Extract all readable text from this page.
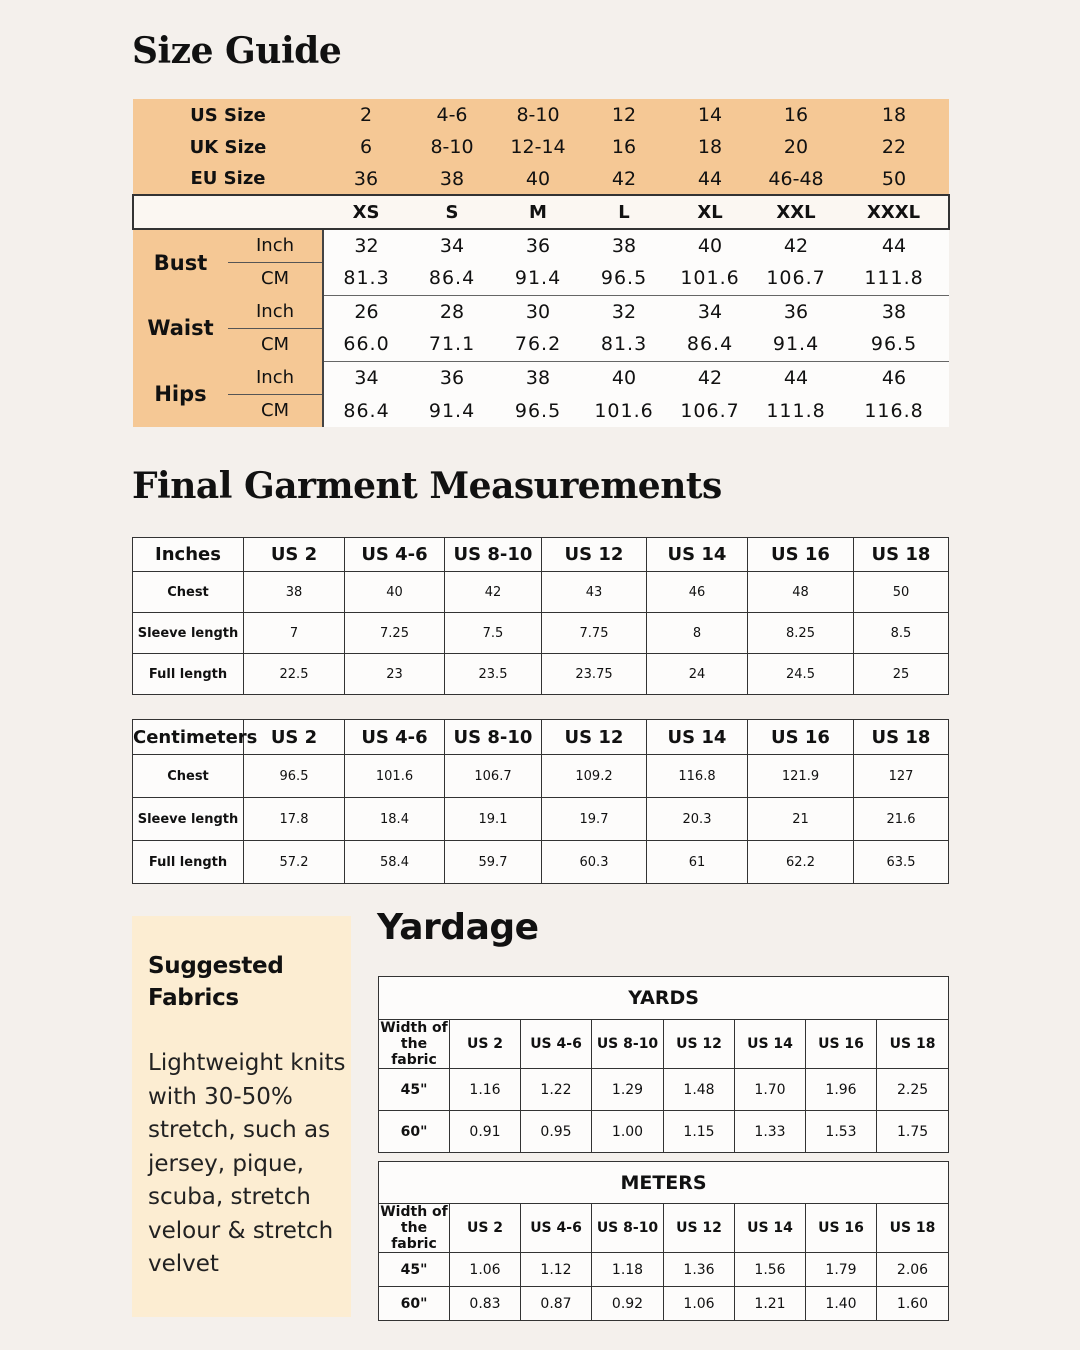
Size Guide
US Size		2	4-6	8-10	12	14	16	18
UK Size		6	8-10	12-14	16	18	20	22
EU Size		36	38	40	42	44	46-48	50
		XS	S	M	L	XL	XXL	XXXL
Bust	Inch	32	34	36	38	40	42	44
	CM	81.3	86.4	91.4	96.5	101.6	106.7	111.8
Waist	Inch	26	28	30	32	34	36	38
	CM	66.0	71.1	76.2	81.3	86.4	91.4	96.5
Hips	Inch	34	36	38	40	42	44	46
	CM	86.4	91.4	96.5	101.6	106.7	111.8	116.8
Final Garment Measurements
Inches	US 2	US 4-6	US 8-10	US 12	US 14	US 16	US 18
Chest	38	40	42	43	46	48	50
Sleeve length	7	7.25	7.5	7.75	8	8.25	8.5
Full length	22.5	23	23.5	23.75	24	24.5	25
Centimeters	US 2	US 4-6	US 8-10	US 12	US 14	US 16	US 18
Chest	96.5	101.6	106.7	109.2	116.8	121.9	127
Sleeve length	17.8	18.4	19.1	19.7	20.3	21	21.6
Full length	57.2	58.4	59.7	60.3	61	62.2	63.5
Suggested Fabrics
Lightweight knits with 30-50% stretch, such as jersey, pique, scuba, stretch velour & stretch velvet
Yardage
YARDS							
Width of the fabric	US 2	US 4-6	US 8-10	US 12	US 14	US 16	US 18
45"	1.16	1.22	1.29	1.48	1.70	1.96	2.25
60"	0.91	0.95	1.00	1.15	1.33	1.53	1.75
METERS							
Width of the fabric	US 2	US 4-6	US 8-10	US 12	US 14	US 16	US 18
45"	1.06	1.12	1.18	1.36	1.56	1.79	2.06
60"	0.83	0.87	0.92	1.06	1.21	1.40	1.60
